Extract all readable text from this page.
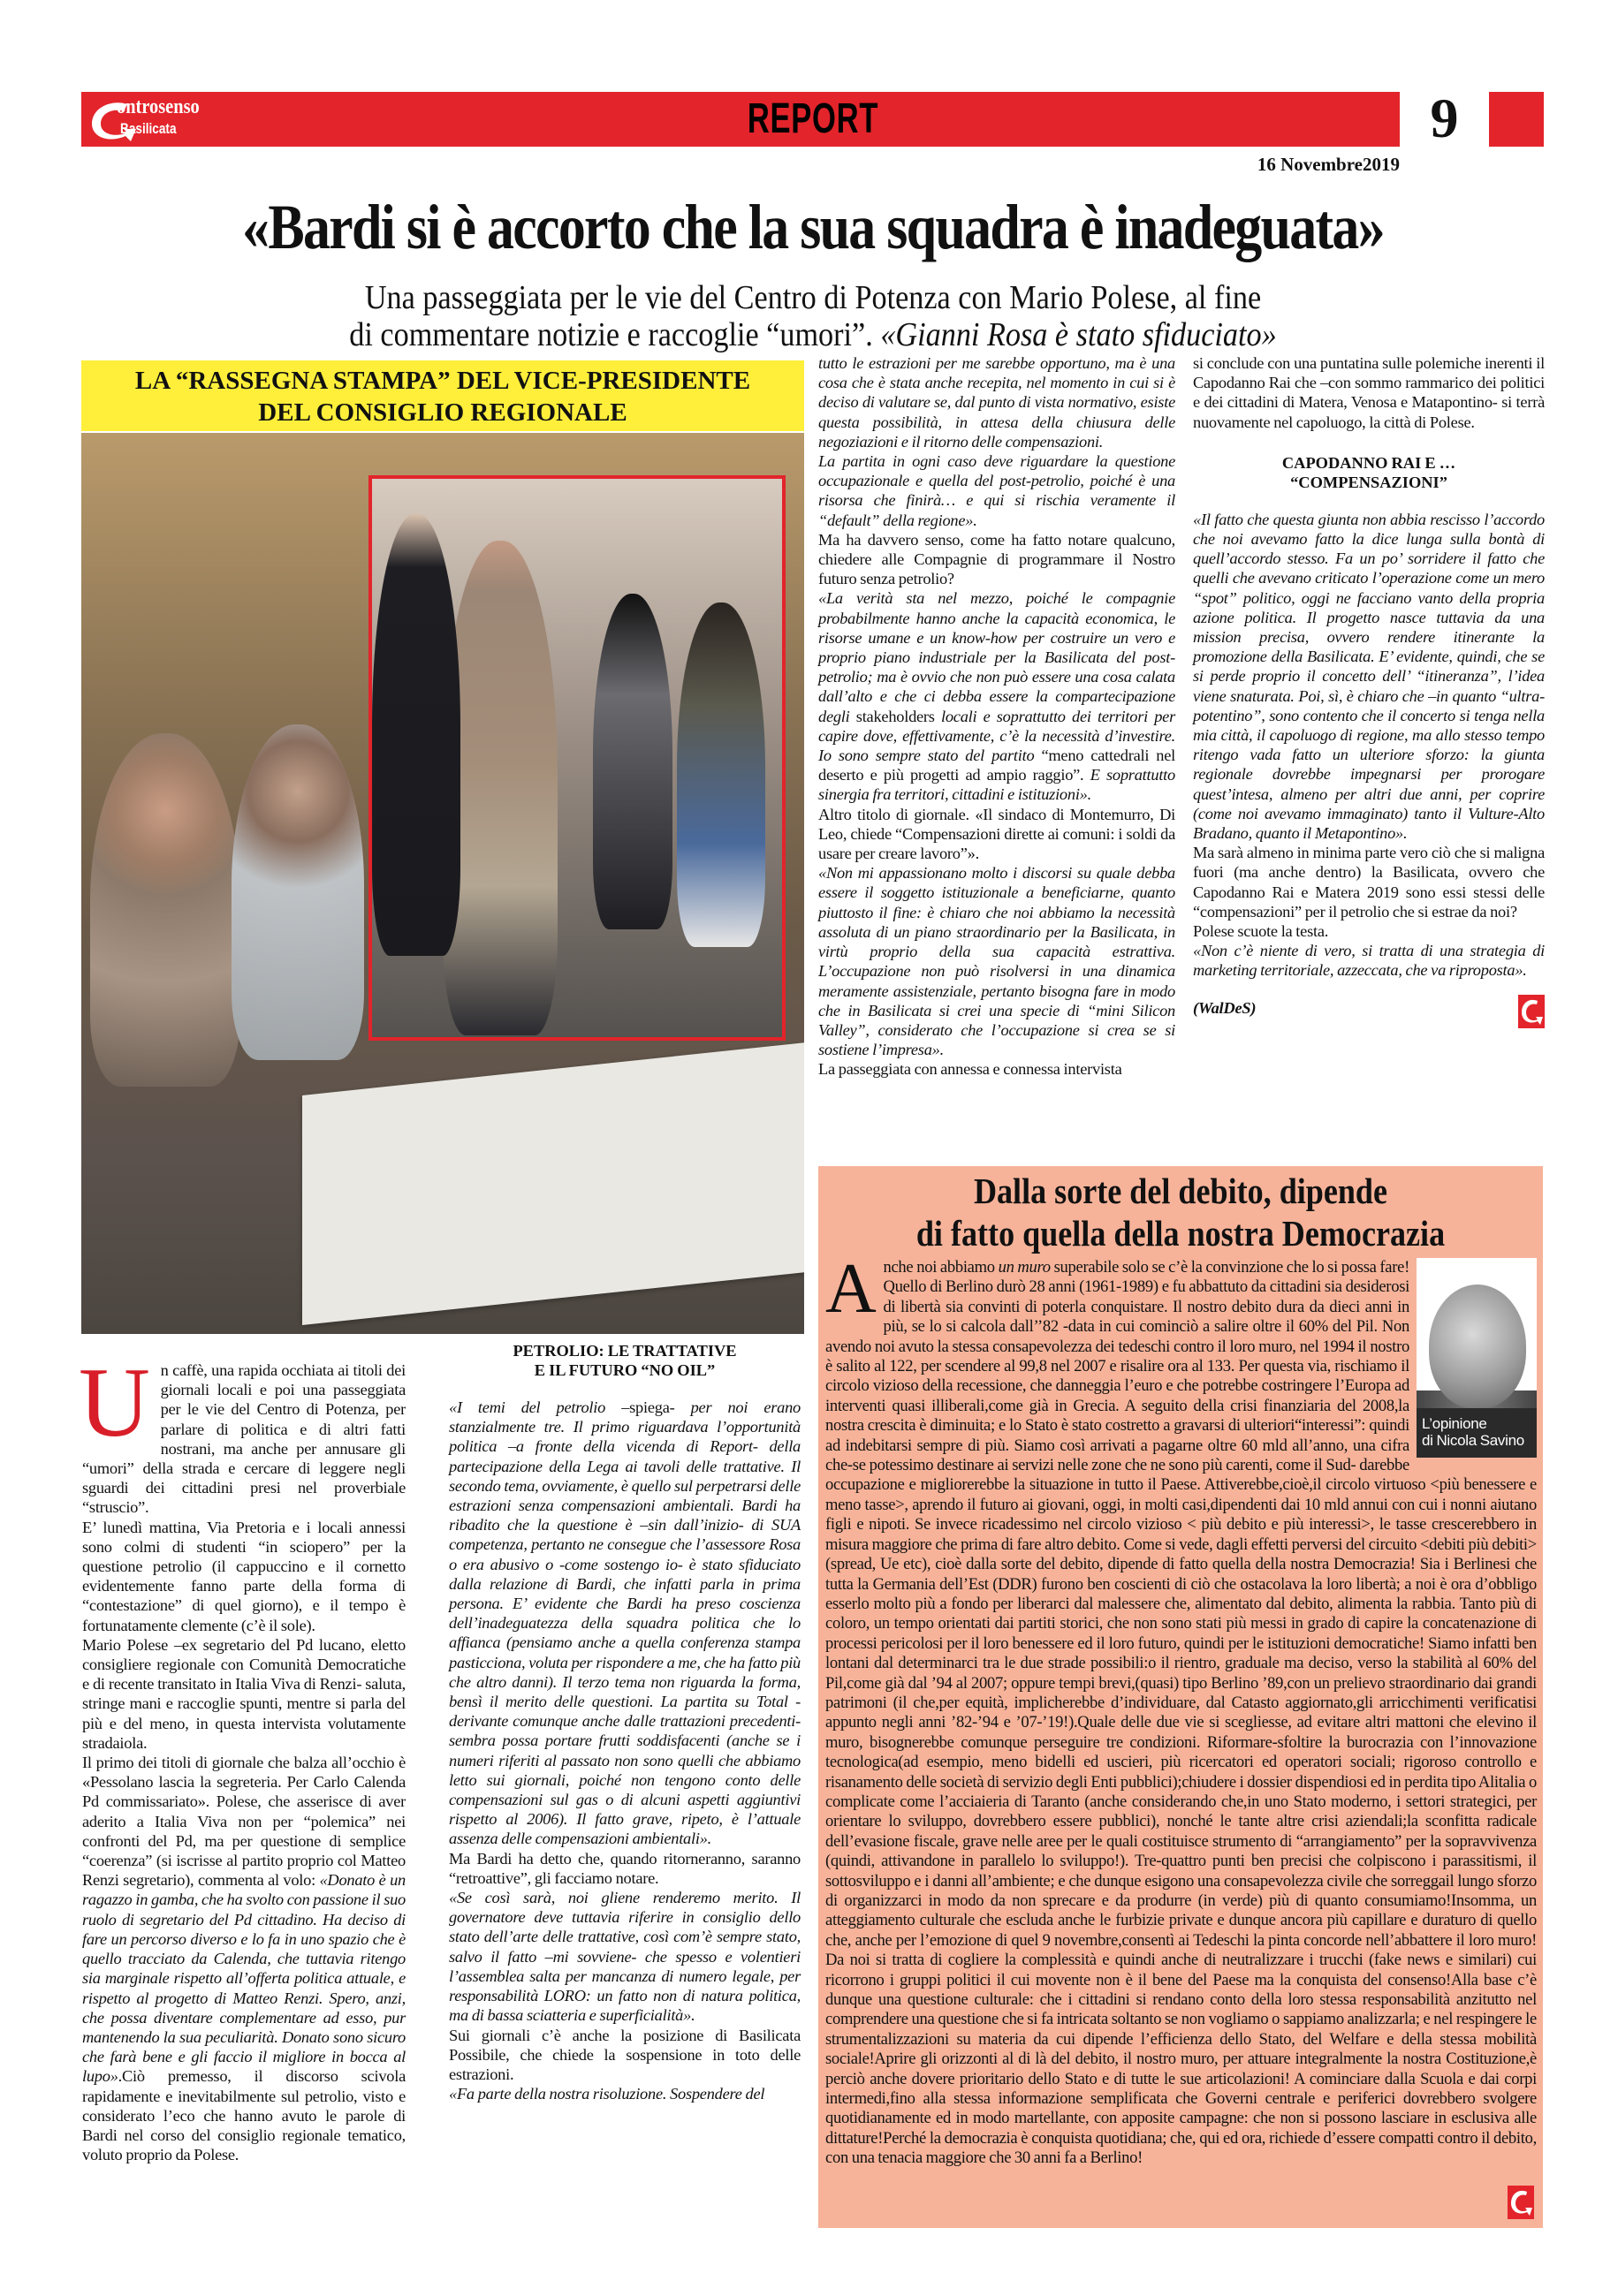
ontrosenso
Basilicata	REPORT	9
16 Novembre2019
«Bardi si è accorto che la sua squadra è inadeguata»
Una passeggiata per le vie del Centro di Potenza con Mario Polese, al fine
di commentare notizie e raccoglie “umori”. «Gianni Rosa è stato sfiduciato»
LA “RASSEGNA STAMPA” DEL VICE-PRESIDENTE
DEL CONSIGLIO REGIONALE

Un caffè, una rapida occhiata ai titoli dei giornali locali e poi una passeggiata per le vie del Centro di Potenza, per parlare di politica e di altri fatti nostrani, ma anche per annusare gli “umori” della strada e cercare di leggere negli sguardi dei cittadini presi nel proverbiale “struscio”.

E’ lunedì mattina, Via Pretoria e i locali annessi sono colmi di studenti “in sciopero” per la questione petrolio (il cappuccino e il cornetto evidentemente fanno parte della forma di “contestazione” di quel giorno), e il tempo è fortunatamente clemente (c’è il sole).

Mario Polese –ex segretario del Pd lucano, eletto consigliere regionale con Comunità Democratiche e di recente transitato in Italia Viva di Renzi- saluta, stringe mani e raccoglie spunti, mentre si parla del più e del meno, in questa intervista volutamente stradaiola.

Il primo dei titoli di giornale che balza all’occhio è «Pessolano lascia la segreteria. Per Carlo Calenda Pd commissariato». Polese, che asserisce di aver aderito a Italia Viva non per “polemica” nei confronti del Pd, ma per questione di semplice “coerenza” (si iscrisse al partito proprio col Matteo Renzi segretario), commenta al volo: «Donato è un ragazzo in gamba, che ha svolto con passione il suo ruolo di segretario del Pd cittadino. Ha deciso di fare un percorso diverso e lo fa in uno spazio che è quello tracciato da Calenda, che tuttavia ritengo sia marginale rispetto all’offerta politica attuale, e rispetto al progetto di Matteo Renzi. Spero, anzi, che possa diventare complementare ad esso, pur mantenendo la sua peculiarità. Donato sono sicuro che farà bene e gli faccio il migliore in bocca al lupo».Ciò premesso, il discorso scivola rapidamente e inevitabilmente sul petrolio, visto e considerato l’eco che hanno avuto le parole di Bardi nel corso del consiglio regionale tematico, voluto proprio da Polese.

PETROLIO: LE TRATTATIVE
E IL FUTURO “NO OIL”

«I temi del petrolio –spiega- per noi erano stanzialmente tre. Il primo riguardava l’opportunità politica –a fronte della vicenda di Report- della partecipazione della Lega ai tavoli delle trattative. Il secondo tema, ovviamente, è quello sul perpetrarsi delle estrazioni senza compensazioni ambientali. Bardi ha ribadito che la questione è –sin dall’inizio- di SUA competenza, pertanto ne consegue che l’assessore Rosa o era abusivo o -come sostengo io- è stato sfiduciato dalla relazione di Bardi, che infatti parla in prima persona. E’ evidente che Bardi ha preso coscienza dell’inadeguatezza della squadra politica che lo affianca (pensiamo anche a quella conferenza stampa pasticciona, voluta per rispondere a me, che ha fatto più che altro danni). Il terzo tema non riguarda la forma, bensì il merito delle questioni. La partita su Total -derivante comunque anche dalle trattazioni precedenti- sembra possa portare frutti soddisfacenti (anche se i numeri riferiti al passato non sono quelli che abbiamo letto sui giornali, poiché non tengono conto delle compensazioni sul gas o di alcuni aspetti aggiuntivi rispetto al 2006). Il fatto grave, ripeto, è l’attuale assenza delle compensazioni ambientali».

Ma Bardi ha detto che, quando ritorneranno, saranno “retroattive”, gli facciamo notare.

«Se così sarà, noi gliene renderemo merito. Il governatore deve tuttavia riferire in consiglio dello stato dell’arte delle trattative, così com’è sempre stato, salvo il fatto –mi sovviene- che spesso e volentieri l’assemblea salta per mancanza di numero legale, per responsabilità LORO: un fatto non di natura politica, ma di bassa sciatteria e superficialità».

Sui giornali c’è anche la posizione di Basilicata Possibile, che chiede la sospensione in toto delle estrazioni.

«Fa parte della nostra risoluzione. Sospendere del

tutto le estrazioni per me sarebbe opportuno, ma è una cosa che è stata anche recepita, nel momento in cui si è deciso di valutare se, dal punto di vista normativo, esiste questa possibilità, in attesa della chiusura delle negoziazioni e il ritorno delle compensazioni.

La partita in ogni caso deve riguardare la questione occupazionale e quella del post-petrolio, poiché è una risorsa che finirà… e qui si rischia veramente il “default” della regione».

Ma ha davvero senso, come ha fatto notare qualcuno, chiedere alle Compagnie di programmare il Nostro futuro senza petrolio?

«La verità sta nel mezzo, poiché le compagnie probabilmente hanno anche la capacità economica, le risorse umane e un know-how per costruire un vero e proprio piano industriale per la Basilicata del post-petrolio; ma è ovvio che non può essere una cosa calata dall’alto e che ci debba essere la compartecipazione degli stakeholders locali e soprattutto dei territori per capire dove, effettivamente, c’è la necessità d’investire. Io sono sempre stato del partito “meno cattedrali nel deserto e più progetti ad ampio raggio”. E soprattutto sinergia fra territori, cittadini e istituzioni».

Altro titolo di giornale. «Il sindaco di Montemurro, Di Leo, chiede “Compensazioni dirette ai comuni: i soldi da usare per creare lavoro”».

«Non mi appassionano molto i discorsi su quale debba essere il soggetto istituzionale a beneficiarne, quanto piuttosto il fine: è chiaro che noi abbiamo la necessità assoluta di un piano straordinario per la Basilicata, in virtù proprio della sua capacità estrattiva. L’occupazione non può risolversi in una dinamica meramente assistenziale, pertanto bisogna fare in modo che in Basilicata si crei una specie di “mini Silicon Valley”, considerato che l’occupazione si crea se si sostiene l’impresa».

La passeggiata con annessa e connessa intervista

si conclude con una puntatina sulle polemiche inerenti il Capodanno Rai che –con sommo rammarico dei politici e dei cittadini di Matera, Venosa e Matapontino- si terrà nuovamente nel capoluogo, la città di Polese.

CAPODANNO RAI E …
“COMPENSAZIONI”

«Il fatto che questa giunta non abbia rescisso l’accordo che noi avevamo fatto la dice lunga sulla bontà di quell’accordo stesso. Fa un po’ sorridere il fatto che quelli che avevano criticato l’operazione come un mero “spot” politico, oggi ne facciano vanto della propria azione politica. Il progetto nasce tuttavia da una mission precisa, ovvero rendere itinerante la promozione della Basilicata. E’ evidente, quindi, che se si perde proprio il concetto dell’ “itineranza”, l’idea viene snaturata. Poi, sì, è chiaro che –in quanto “ultra-potentino”, sono contento che il concerto si tenga nella mia città, il capoluogo di regione, ma allo stesso tempo ritengo vada fatto un ulteriore sforzo: la giunta regionale dovrebbe impegnarsi per prorogare quest’intesa, almeno per altri due anni, per coprire (come noi avevamo immaginato) tanto il Vulture-Alto Bradano, quanto il Metapontino».

Ma sarà almeno in minima parte vero ciò che si maligna fuori (ma anche dentro) la Basilicata, ovvero che Capodanno Rai e Matera 2019 sono essi stessi delle “compensazioni” per il petrolio che si estrae da noi?

Polese scuote la testa.

«Non c’è niente di vero, si tratta di una strategia di marketing territoriale, azzeccata, che va riproposta».

(WalDeS)
Dalla sorte del debito, dipende
di fatto quella della nostra Democrazia
L’opinione
di Nicola Savino
A nche noi abbiamo un muro superabile solo se c’è la convinzione che lo si possa fare! Quello di Berlino durò 28 anni (1961-1989) e fu abbattuto da cittadini sia desiderosi di libertà sia convinti di poterla conquistare. Il nostro debito dura da dieci anni in più, se lo si calcola dall’’82 -data in cui cominciò a salire oltre il 60% del Pil. Non avendo noi avuto la stessa consapevolezza dei tedeschi contro il loro muro, nel 1994 il nostro è salito al 122, per scendere al 99,8 nel 2007 e risalire ora al 133. Per questa via, rischiamo il circolo vizioso della recessione, che danneggia l’euro e che potrebbe costringere l’Europa ad interventi quasi illiberali,come già in Grecia. A seguito della crisi finanziaria del 2008,la nostra crescita è diminuita; e lo Stato è stato costretto a gravarsi di ulteriori“interessi”: quindi ad indebitarsi sempre di più. Siamo così arrivati a pagarne oltre 60 mld all’anno, una cifra che-se potessimo destinare ai servizi nelle zone che ne sono più carenti, come il Sud- darebbe occupazione e migliorerebbe la situazione in tutto il Paese. Attiverebbe,cioè,il circolo virtuoso <più benessere e meno tasse>, aprendo il futuro ai giovani, oggi, in molti casi,dipendenti dai 10 mld annui con cui i nonni aiutano figli e nipoti. Se invece ricadessimo nel circolo vizioso < più debito e più interessi>, le tasse crescerebbero in misura maggiore che prima di fare altro debito. Come si vede, dagli effetti perversi del circuito <debiti più debiti> (spread, Ue etc), cioè dalla sorte del debito, dipende di fatto quella della nostra Democrazia! Sia i Berlinesi che tutta la Germania dell’Est (DDR) furono ben coscienti di ciò che ostacolava la loro libertà; a noi è ora d’obbligo esserlo molto più a fondo per liberarci dal malessere che, alimentato dal debito, alimenta la rabbia. Tanto più di coloro, un tempo orientati dai partiti storici, che non sono stati più messi in grado di capire la concatenazione di processi pericolosi per il loro benessere ed il loro futuro, quindi per le istituzioni democratiche! Siamo infatti ben lontani dal determinarci tra le due strade possibili:o il rientro, graduale ma deciso, verso la stabilità al 60% del Pil,come già dal ’94 al 2007; oppure tempi brevi,(quasi) tipo Berlino ’89,con un prelievo straordinario dai grandi patrimoni (il che,per equità, implicherebbe d’individuare, dal Catasto aggiornato,gli arricchimenti verificatisi appunto negli anni ’82-’94 e ’07-’19!).Quale delle due vie si scegliesse, ad evitare altri mattoni che elevino il muro, bisognerebbe comunque perseguire tre condizioni. Riformare-sfoltire la burocrazia con l’innovazione tecnologica(ad esempio, meno bidelli ed uscieri, più ricercatori ed operatori sociali; rigoroso controllo e risanamento delle società di servizio degli Enti pubblici);chiudere i dossier dispendiosi ed in perdita tipo Alitalia o complicate come l’acciaieria di Taranto (anche considerando che,in uno Stato moderno, i settori strategici, per orientare lo sviluppo, dovrebbero essere pubblici), nonché le tante altre crisi aziendali;la sconfitta radicale dell’evasione fiscale, grave nelle aree per le quali costituisce strumento di “arrangiamento” per la sopravvivenza (quindi, attivandone in parallelo lo sviluppo!). Tre-quattro punti ben precisi che colpiscono i parassitismi, il sottosviluppo e i danni all’ambiente; e che dunque esigono una consapevolezza civile che sorreggail lungo sforzo di organizzarci in modo da non sprecare e da produrre (in verde) più di quanto consumiamo!Insomma, un atteggiamento culturale che escluda anche le furbizie private e dunque ancora più capillare e duraturo di quello che, anche per l’emozione di quel 9 novembre,consentì ai Tedeschi la pinta concorde nell’abbattere il loro muro! Da noi si tratta di cogliere la complessità e quindi anche di neutralizzare i trucchi (fake news e similari) cui ricorrono i gruppi politici il cui movente non è il bene del Paese ma la conquista del consenso!Alla base c’è dunque una questione culturale: che i cittadini si rendano conto della loro stessa responsabilità anzitutto nel comprendere una questione che si fa intricata soltanto se non vogliamo o sappiamo analizzarla; e nel respingere le strumentalizzazioni su materia da cui dipende l’efficienza dello Stato, del Welfare e della stessa mobilità sociale!Aprire gli orizzonti al di là del debito, il nostro muro, per attuare integralmente la nostra Costituzione,è perciò anche dovere prioritario dello Stato e di tutte le sue articolazioni! A cominciare dalla Scuola e dai corpi intermedi,fino alla stessa informazione semplificata che Governi centrale e periferici dovrebbero svolgere quotidianamente ed in modo martellante, con apposite campagne: che non si possono lasciare in esclusiva alle dittature!Perché la democrazia è conquista quotidiana; che, qui ed ora, richiede d’essere compatti contro il debito, con una tenacia maggiore che 30 anni fa a Berlino!
